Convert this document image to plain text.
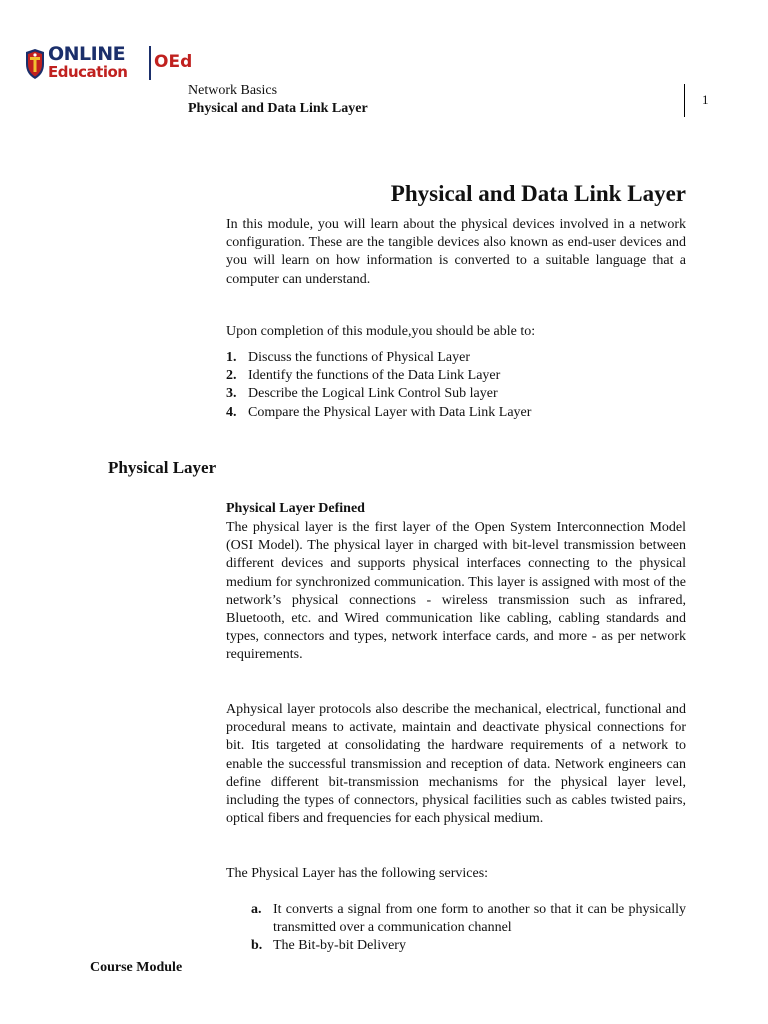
ONLINE
Education OEd
Network Basics
Physical and Data Link Layer
1
Physical and Data Link Layer

In this module, you will learn about the physical devices involved in a network configuration. These are the tangible devices also known as end-user devices and you will learn on how information is converted to a suitable language that a computer can understand.

Upon completion of this module,you should be able to:

1. Discuss the functions of Physical Layer
2. Identify the functions of the Data Link Layer
3. Describe the Logical Link Control Sub layer
4. Compare the Physical Layer with Data Link Layer
Physical Layer
Physical Layer Defined

The physical layer is the first layer of the Open System Interconnection Model (OSI Model). The physical layer in charged with bit-level transmission between different devices and supports physical interfaces connecting to the physical medium for synchronized communication. This layer is assigned with most of the network’s physical connections - wireless transmission such as infrared, Bluetooth, etc. and Wired communication like cabling, cabling standards and types, connectors and types, network interface cards, and more - as per network requirements.

Aphysical layer protocols also describe the mechanical, electrical, functional and procedural means to activate, maintain and deactivate physical connections for bit. Itis targeted at consolidating the hardware requirements of a network to enable the successful transmission and reception of data. Network engineers can define different bit-transmission mechanisms for the physical layer level, including the types of connectors, physical facilities such as cables twisted pairs, optical fibers and frequencies for each physical medium.

The Physical Layer has the following services:

a. It converts a signal from one form to another so that it can be physically transmitted over a communication channel
b. The Bit-by-bit Delivery
Course Module
